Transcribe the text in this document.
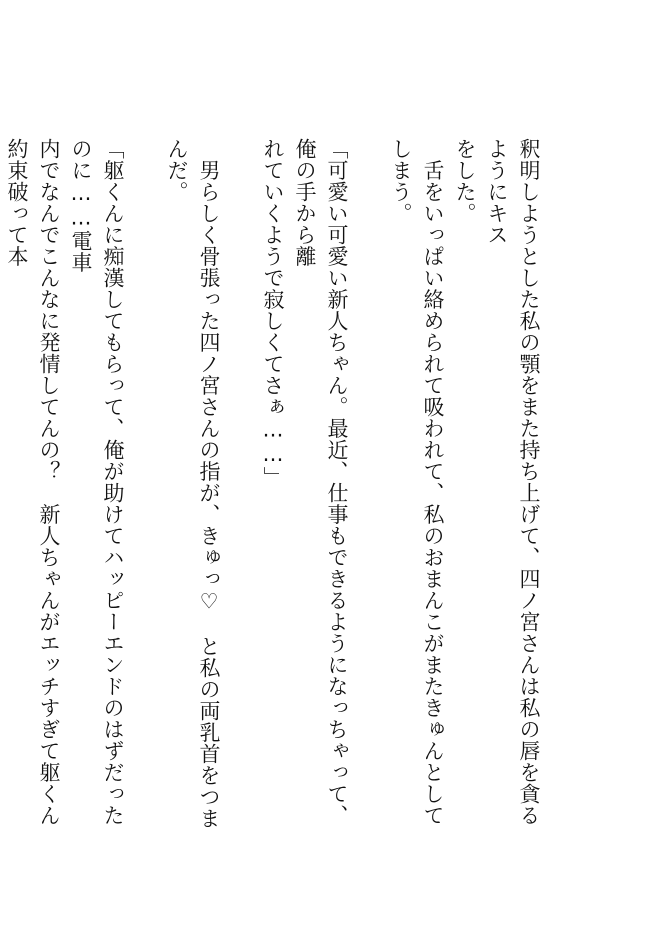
釈明しようとした私の顎をまた持ち上げて、四ノ宮さんは私の唇を貪るようにキス
をした。
　舌をいっぱい絡められて吸われて、私のおまんこがまたきゅんとしてしまう。
「可愛い可愛い新人ちゃん。最近、仕事もできるようになっちゃって、俺の手から離
れていくようで寂しくてさぁ……」
　男らしく骨張った四ノ宮さんの指が、きゅっ♡　と私の両乳首をつまんだ。
「躯くんに痴漢してもらって、俺が助けてハッピーエンドのはずだったのに……電車
内でなんでこんなに発情してんの？　新人ちゃんがエッチすぎて躯くん約束破って本
